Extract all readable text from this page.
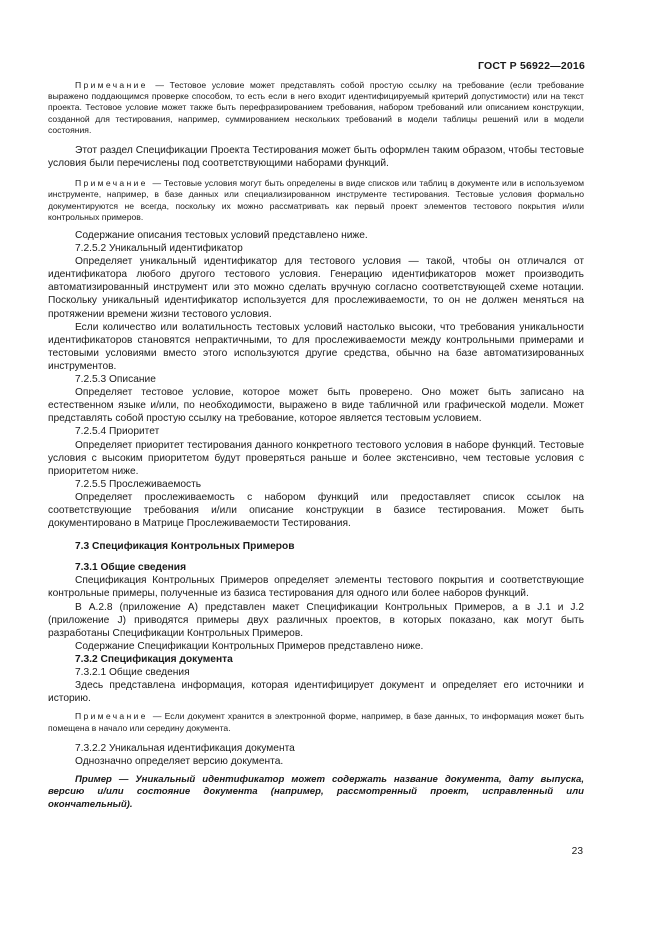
ГОСТ Р 56922—2016

Примечание — Тестовое условие может представлять собой простую ссылку на требование (если требование выражено поддающимся проверке способом, то есть если в него входит идентифицируемый критерий допустимости) или на текст проекта. Тестовое условие может также быть перефразированием требования, набором требований или описанием конструкции, созданной для тестирования, например, суммированием нескольких требований в модели таблицы решений или в модели состояния.

Этот раздел Спецификации Проекта Тестирования может быть оформлен таким образом, чтобы тестовые условия были перечислены под соответствующими наборами функций.

Примечание — Тестовые условия могут быть определены в виде списков или таблиц в документе или в используемом инструменте, например, в базе данных или специализированном инструменте тестирования. Тестовые условия формально документируются не всегда, поскольку их можно рассматривать как первый проект элементов тестового покрытия и/или контрольных примеров.

Содержание описания тестовых условий представлено ниже.

7.2.5.2 Уникальный идентификатор

Определяет уникальный идентификатор для тестового условия — такой, чтобы он отличался от идентификатора любого другого тестового условия. Генерацию идентификаторов может производить автоматизированный инструмент или это можно сделать вручную согласно соответствующей схеме нотации. Поскольку уникальный идентификатор используется для прослеживаемости, то он не должен меняться на протяжении времени жизни тестового условия.

Если количество или волатильность тестовых условий настолько высоки, что требования уникальности идентификаторов становятся непрактичными, то для прослеживаемости между контрольными примерами и тестовыми условиями вместо этого используются другие средства, обычно на базе автоматизированных инструментов.

7.2.5.3 Описание

Определяет тестовое условие, которое может быть проверено. Оно может быть записано на естественном языке и/или, по необходимости, выражено в виде табличной или графической модели. Может представлять собой простую ссылку на требование, которое является тестовым условием.

7.2.5.4 Приоритет

Определяет приоритет тестирования данного конкретного тестового условия в наборе функций. Тестовые условия с высоким приоритетом будут проверяться раньше и более экстенсивно, чем тестовые условия с приоритетом ниже.

7.2.5.5 Прослеживаемость

Определяет прослеживаемость с набором функций или предоставляет список ссылок на соответствующие требования и/или описание конструкции в базисе тестирования. Может быть документировано в Матрице Прослеживаемости Тестирования.

7.3 Спецификация Контрольных Примеров

7.3.1 Общие сведения

Спецификация Контрольных Примеров определяет элементы тестового покрытия и соответствующие контрольные примеры, полученные из базиса тестирования для одного или более наборов функций.

В А.2.8 (приложение А) представлен макет Спецификации Контрольных Примеров, а в J.1 и J.2 (приложение J) приводятся примеры двух различных проектов, в которых показано, как могут быть разработаны Спецификации Контрольных Примеров.

Содержание Спецификации Контрольных Примеров представлено ниже.

7.3.2 Спецификация документа

7.3.2.1 Общие сведения

Здесь представлена информация, которая идентифицирует документ и определяет его источники и историю.

Примечание — Если документ хранится в электронной форме, например, в базе данных, то информация может быть помещена в начало или середину документа.

7.3.2.2 Уникальная идентификация документа

Однозначно определяет версию документа.

Пример — Уникальный идентификатор может содержать название документа, дату выпуска, версию и/или состояние документа (например, рассмотренный проект, исправленный или окончательный).

23
